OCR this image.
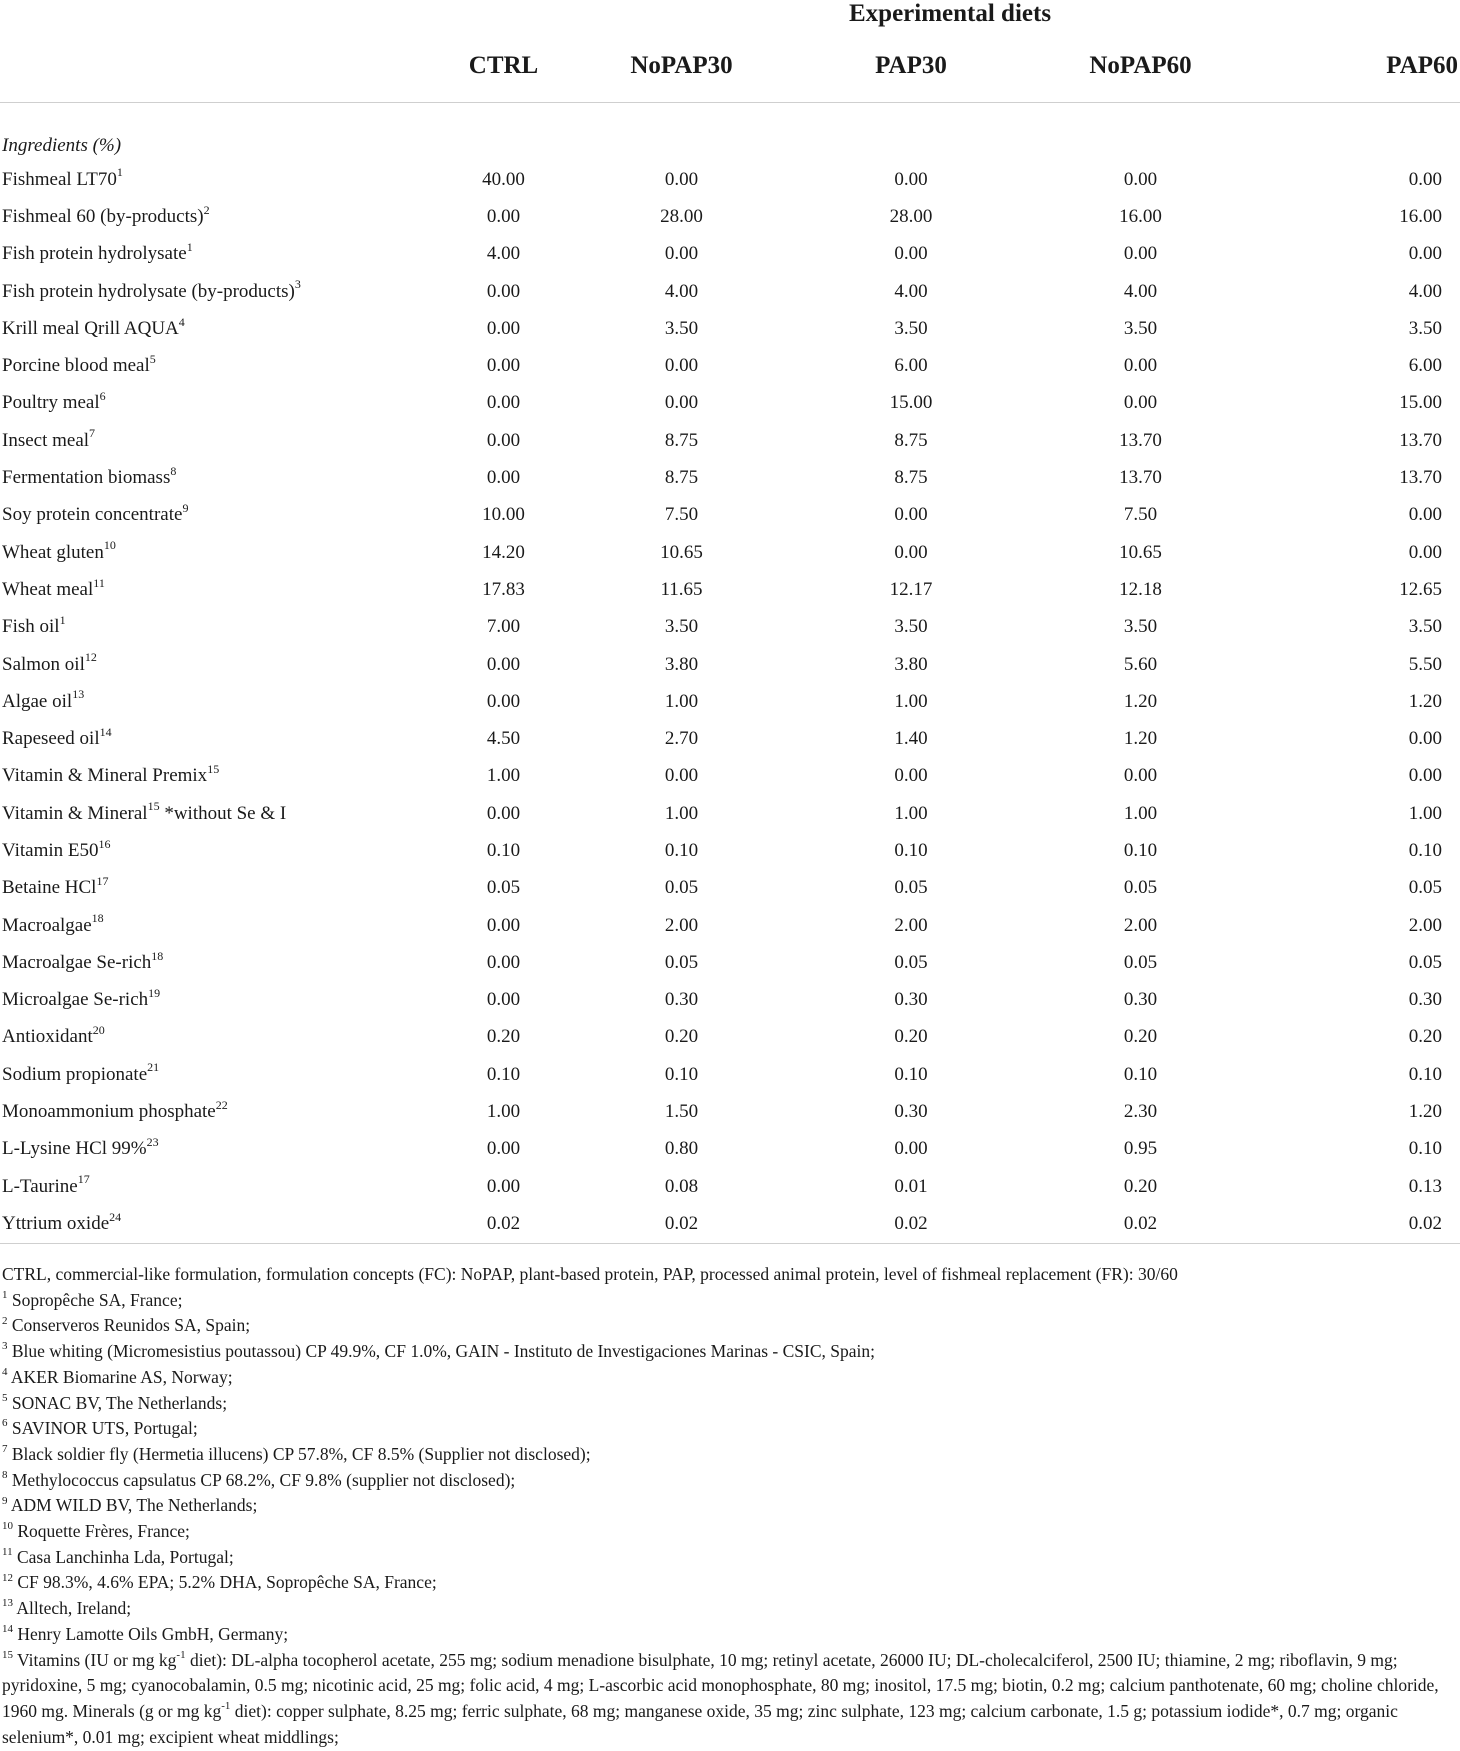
	Experimental diets				
	CTRL	NoPAP30	PAP30	NoPAP60	PAP60
Ingredients (%)					
Fishmeal $LT70^1$	40.00	0.00	0.00	0.00	0.00
Fishmeal 60 (by-products)$^2$	0.00	28.00	28.00	16.00	16.00
Fish protein hydrolysate$^1$	4.00	0.00	0.00	0.00	0.00
Fish protein hydrolysate (by-products)$^3$	0.00	4.00	4.00	4.00	4.00
Krill meal Qrill AQUA$^4$	0.00	3.50	3.50	3.50	3.50
Porcine blood meal$^5$	0.00	0.00	6.00	0.00	6.00
Poultry meal$^6$	0.00	0.00	15.00	0.00	15.00
Insect meal$^7$	0.00	8.75	8.75	13.70	13.70
Fermentation biomass$^8$	0.00	8.75	8.75	13.70	13.70
Soy protein concentrate$^9$	10.00	7.50	0.00	7.50	0.00
Wheat gluten$^{10}$	14.20	10.65	0.00	10.65	0.00
Wheat meal$^{11}$	17.83	11.65	12.17	12.18	12.65
Fish oil$^1$	7.00	3.50	3.50	3.50	3.50
Salmon oil$^{12}$	0.00	3.80	3.80	5.60	5.50
Algae oil$^{13}$	0.00	1.00	1.00	1.20	1.20
Rapeseed oil$^{14}$	4.50	2.70	1.40	1.20	0.00
Vitamin & Mineral Premix$^{15}$	1.00	0.00	0.00	0.00	0.00
Vitamin & Mineral$^{15}$ *without Se & I	0.00	1.00	1.00	1.00	1.00
Vitamin $E50^{16}$	0.10	0.10	0.10	0.10	0.10
Betaine HCl$^{17}$	0.05	0.05	0.05	0.05	0.05
Macroalgae$^{18}$	0.00	2.00	2.00	2.00	2.00
Macroalgae Se-rich$^{18}$	0.00	0.05	0.05	0.05	0.05
Microalgae Se-rich$^{19}$	0.00	0.30	0.30	0.30	0.30
Antioxidant$^{20}$	0.20	0.20	0.20	0.20	0.20
Sodium propionate$^{21}$	0.10	0.10	0.10	0.10	0.10
Monoammonium phosphate$^{22}$	1.00	1.50	0.30	2.30	1.20
L-Lysine HCl 99%$^{23}$	0.00	0.80	0.00	0.95	0.10
L-Taurine$^{17}$	0.00	0.08	0.01	0.20	0.13
Yttrium oxide$^{24}$	0.02	0.02	0.02	0.02	0.02

CTRL, commercial-like formulation, formulation concepts (FC): NoPAP, plant-based protein, PAP, processed animal protein, level of fishmeal replacement (FR): 30/60

$^1$ Sopropêche SA, France;

$^2$ Conserveros Reunidos SA, Spain;

$^3$ Blue whiting (Micromesistius poutassou) CP 49.9%, CF 1.0%, GAIN - Instituto de Investigaciones Marinas - CSIC, Spain;

$^4$ AKER Biomarine AS, Norway;

$^5$ SONAC BV, The Netherlands;

$^6$ SAVINOR UTS, Portugal;

$^7$ Black soldier fly (Hermetia illucens) CP 57.8%, CF 8.5% (Supplier not disclosed);

$^8$ Methylococcus capsulatus CP 68.2%, CF 9.8% (supplier not disclosed);

$^9$ ADM WILD BV, The Netherlands;

$^{10}$ Roquette Frères, France;

$^{11}$ Casa Lanchinha Lda, Portugal;

$^{12}$ CF 98.3%, 4.6% EPA; 5.2% DHA, Sopropêche SA, France;

$^{13}$ Alltech, Ireland;

$^{14}$ Henry Lamotte Oils GmbH, Germany;

$^{15}$ Vitamins (IU or mg $kg^{-1}$ diet): DL-alpha tocopherol acetate, 255 mg; sodium menadione bisulphate, 10 mg; retinyl acetate, 26000 IU; DL-cholecalciferol, 2500 IU; thiamine, 2 mg; riboflavin, 9 mg; pyridoxine, 5 mg; cyanocobalamin, 0.5 mg; nicotinic acid, 25 mg; folic acid, 4 mg; L-ascorbic acid monophosphate, 80 mg; inositol, 17.5 mg; biotin, 0.2 mg; calcium panthotenate, 60 mg; choline chloride, 1960 mg. Minerals (g or mg $kg^{-1}$ diet): copper sulphate, 8.25 mg; ferric sulphate, 68 mg; manganese oxide, 35 mg; zinc sulphate, 123 mg; calcium carbonate, 1.5 g; potassium iodide*, 0.7 mg; organic selenium*, 0.01 mg; excipient wheat middlings;
